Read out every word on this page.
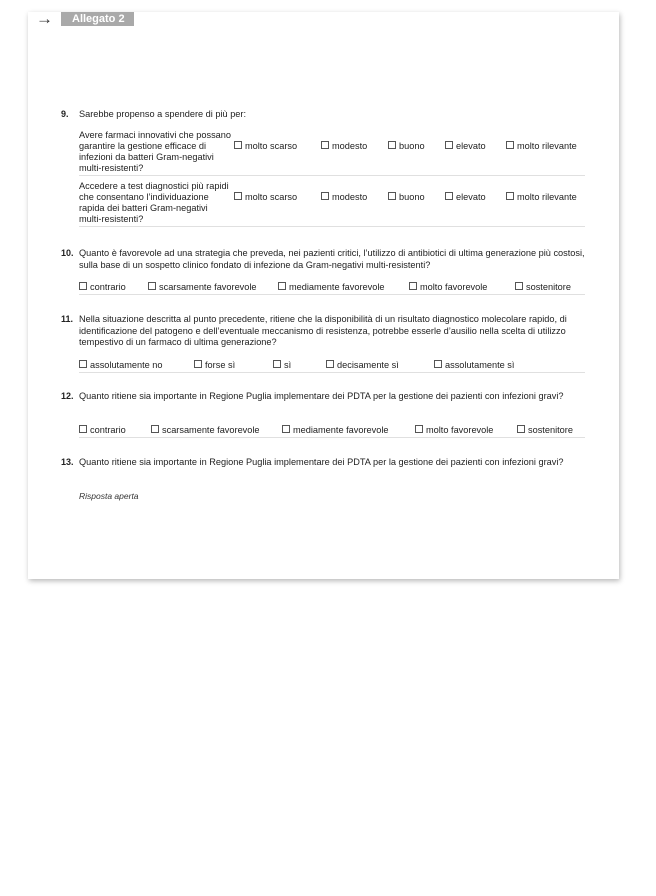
→	Allegato 2
9.	Sarebbe propenso a spendere di più per:
Avere farmaci innovativi che possano garantire la gestione efficace di infezioni da batteri Gram-negativi multi-resistenti?
molto scarso	modesto	buono	elevato	molto rilevante
Accedere a test diagnostici più rapidi che consentano l’individuazione rapida dei batteri Gram-negativi multi-resistenti?
molto scarso	modesto	buono	elevato	molto rilevante
10. Quanto è favorevole ad una strategia che preveda, nei pazienti critici, l’utilizzo di antibiotici di ultima generazione più costosi, sulla base di un sospetto clinico fondato di infezione da Gram-negativi multi-resistenti?
contrario	scarsamente favorevole	mediamente favorevole	molto favorevole	sostenitore
11. Nella situazione descritta al punto precedente, ritiene che la disponibilità di un risultato diagnostico molecolare rapido, di identificazione del patogeno e dell’eventuale meccanismo di resistenza, potrebbe esserle d’ausilio nella scelta di utilizzo tempestivo di un farmaco di ultima generazione?
assolutamente no	forse sì	sì	decisamente sì	assolutamente sì
12. Quanto ritiene sia importante in Regione Puglia implementare dei PDTA per la gestione dei pazienti con infezioni gravi?
contrario	scarsamente favorevole	mediamente favorevole	molto favorevole	sostenitore
13. Quanto ritiene sia importante in Regione Puglia implementare dei PDTA per la gestione dei pazienti con infezioni gravi?
Risposta aperta
